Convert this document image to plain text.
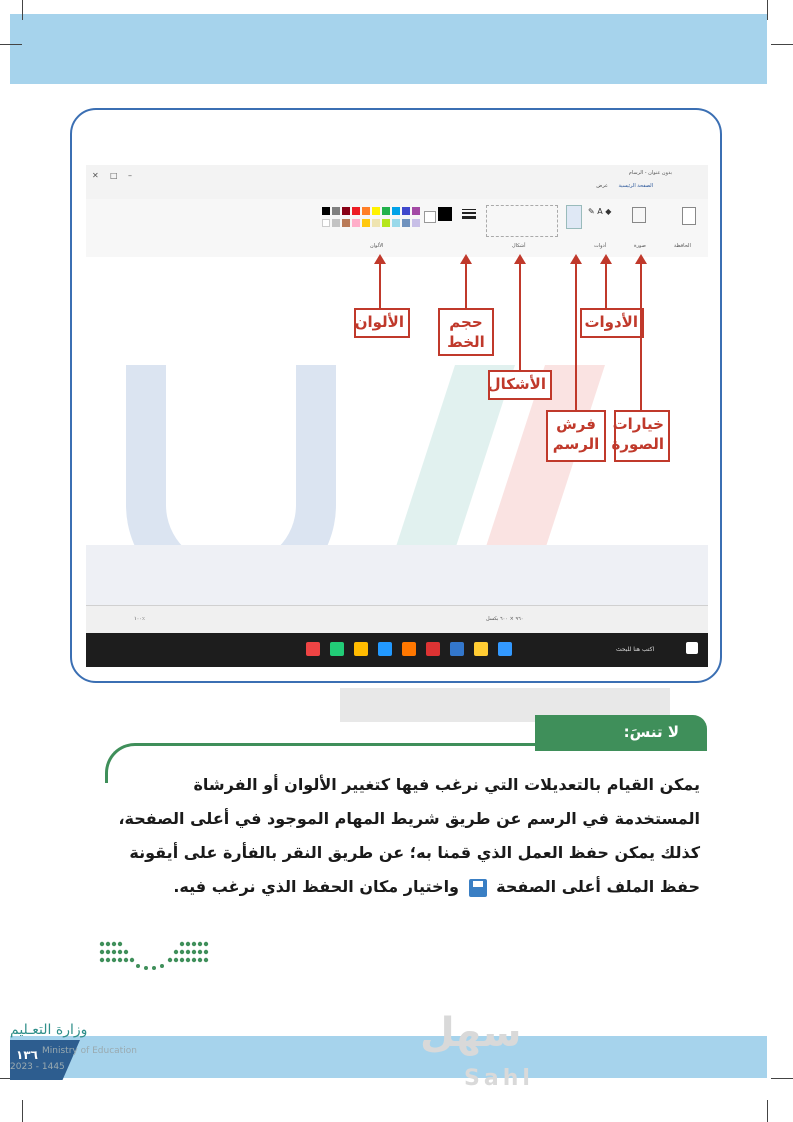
بدون عنوان - الرسام
الصفحة الرئيسية
عرض
✕ □ –
✎ A ◆
الألوان	أشكال	أدوات	صورة	الحافظة
١٠٠٪	٩٦٠ × ٦٠٠ بكسل
اكتب هنا للبحث
الألوان	حجم الخط
الأشكال
فرش الرسم
الأدوات
خيارات الصورة
لا تنسَ:
يمكن القيام بالتعديلات التي نرغب فيها كتغيير الألوان أو الفرشاة المستخدمة في الرسم عن طريق شريط المهام الموجود في أعلى الصفحة، كذلك يمكن حفظ العمل الذي قمنا به؛ عن طريق النقر بالفأرة على أيقونة حفظ الملف أعلى الصفحة  واختيار مكان الحفظ الذي نرغب فيه.
وزارة التعـليم
١٣٦ Ministry of Education
2023 - 1445
سهل
Sahl
